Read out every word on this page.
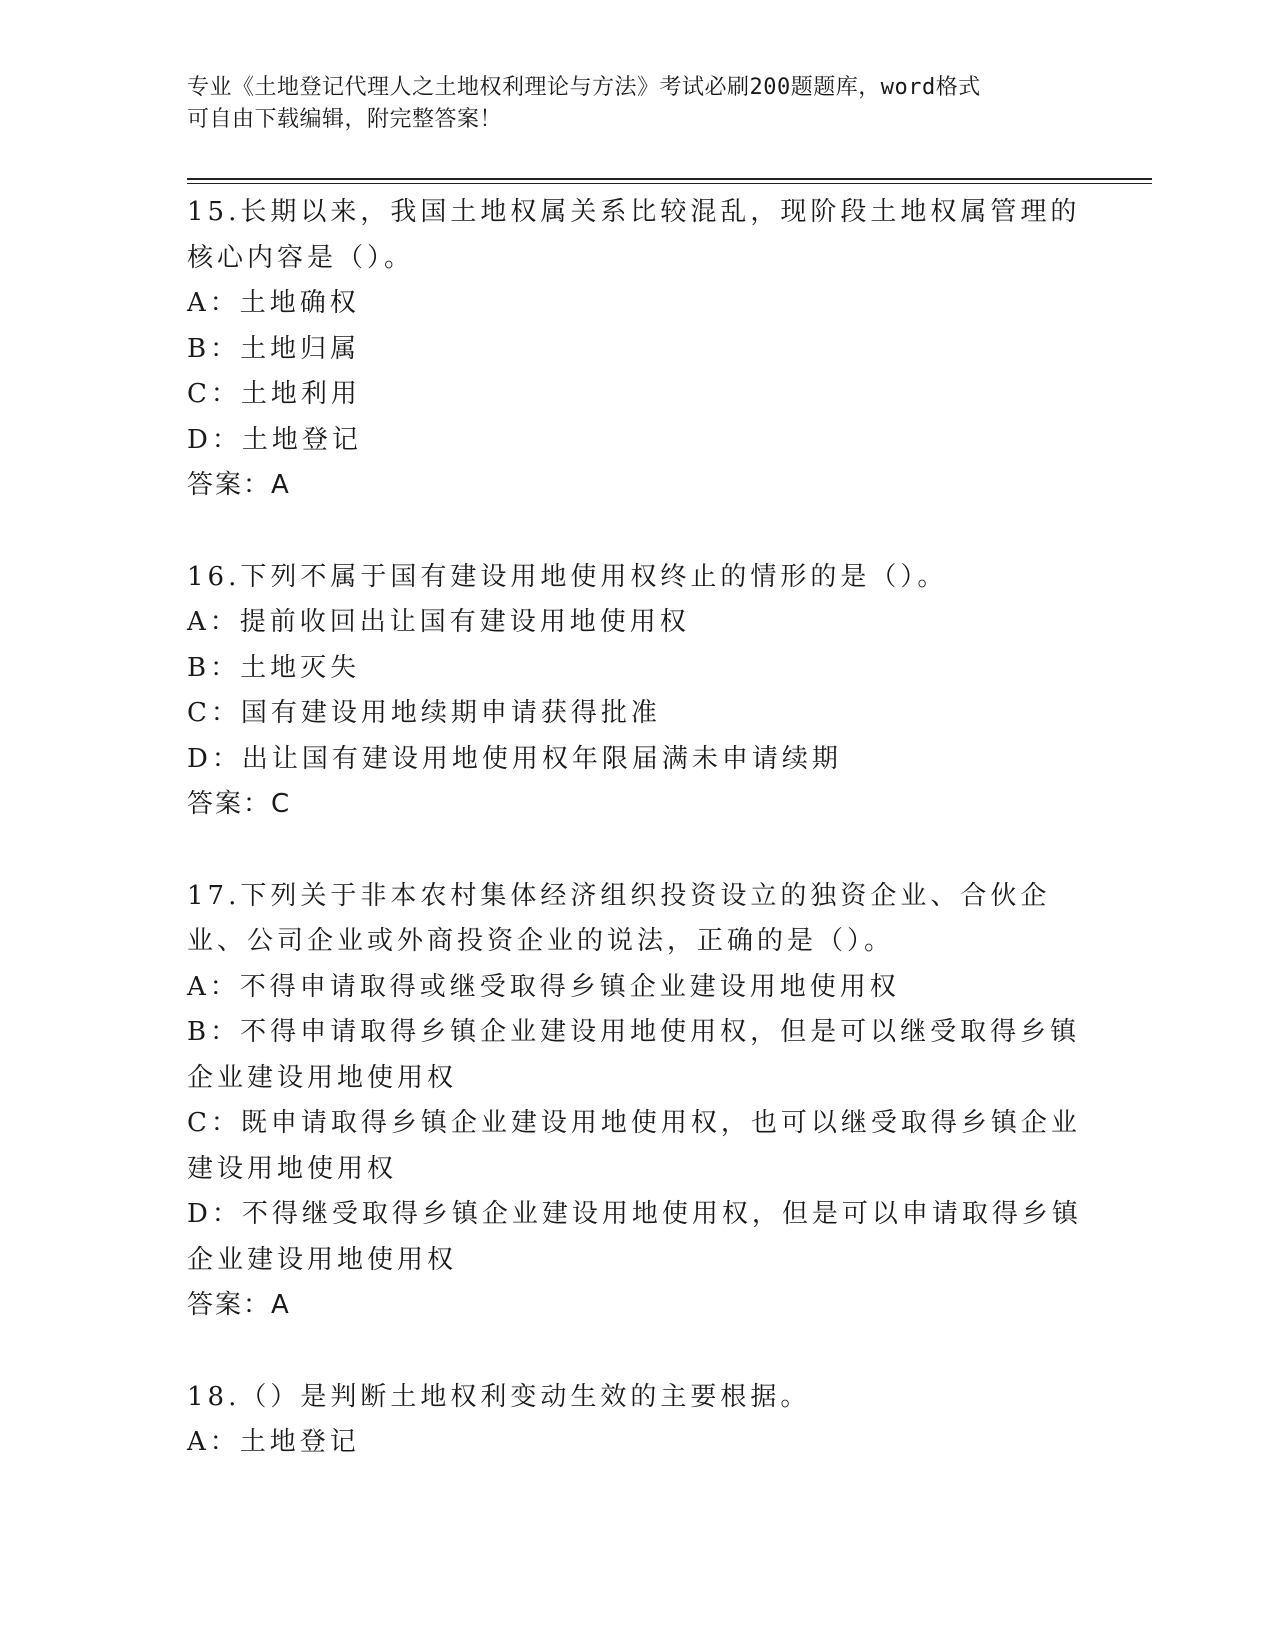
专业《土地登记代理人之土地权利理论与方法》考试必刷200题题库，word格式
可自由下载编辑，附完整答案！
15.长期以来，我国土地权属关系比较混乱，现阶段土地权属管理的核心内容是（）。
A：土地确权
B：土地归属
C：土地利用
D：土地登记
答案：A
16.下列不属于国有建设用地使用权终止的情形的是（）。
A：提前收回出让国有建设用地使用权
B：土地灭失
C：国有建设用地续期申请获得批准
D：出让国有建设用地使用权年限届满未申请续期
答案：C
17.下列关于非本农村集体经济组织投资设立的独资企业、合伙企业、公司企业或外商投资企业的说法，正确的是（）。
A：不得申请取得或继受取得乡镇企业建设用地使用权
B：不得申请取得乡镇企业建设用地使用权，但是可以继受取得乡镇企业建设用地使用权
C：既申请取得乡镇企业建设用地使用权，也可以继受取得乡镇企业建设用地使用权
D：不得继受取得乡镇企业建设用地使用权，但是可以申请取得乡镇企业建设用地使用权
答案：A
18.（）是判断土地权利变动生效的主要根据。
A：土地登记
